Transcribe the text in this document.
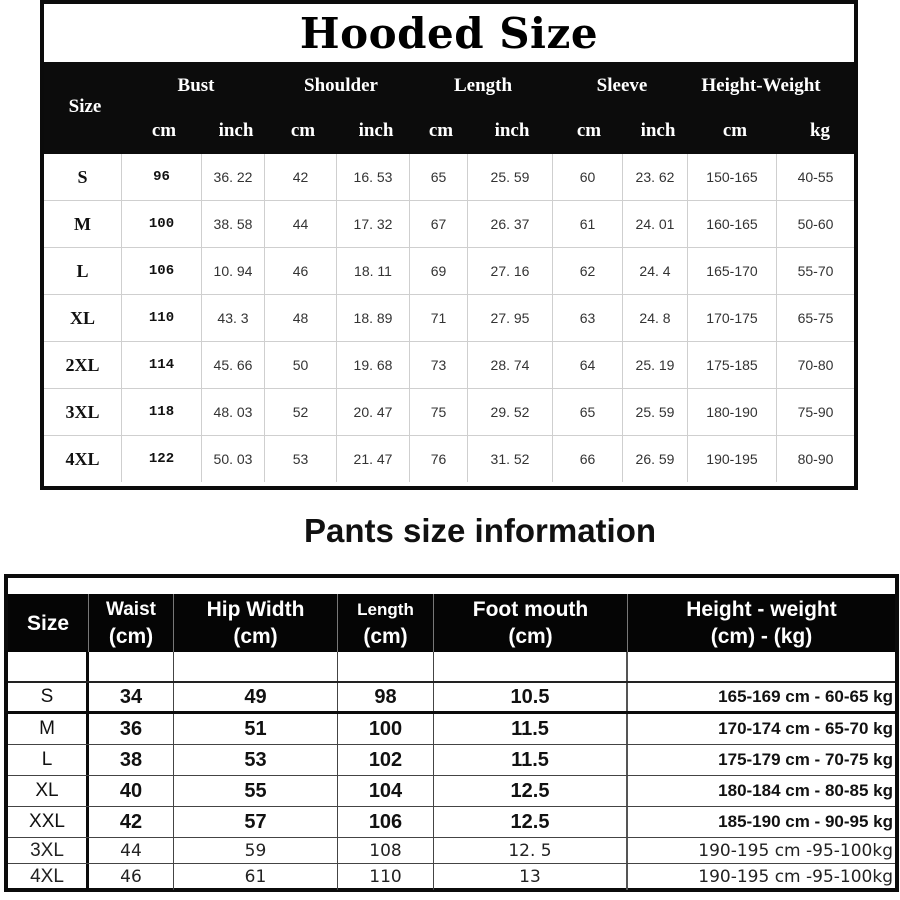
Hooded Size
Size
Bust	Shoulder	Length	Sleeve	Height-Weight
cm inch cm inch cm inch cm inch cm	kg
S	96	36. 22	42	16. 53	65	25. 59	60	23. 62	150-165	40-55
M	100	38. 58	44	17. 32	67	26. 37	61	24. 01	160-165	50-60
L	106	10. 94	46	18. 11	69	27. 16	62	24. 4	165-170	55-70
XL	110	43. 3	48	18. 89	71	27. 95	63	24. 8	170-175	65-75
2XL	114	45. 66	50	19. 68	73	28. 74	64	25. 19	175-185	70-80
3XL	118	48. 03	52	20. 47	75	29. 52	65	25. 59	180-190	75-90
4XL	122	50. 03	53	21. 47	76	31. 52	66	26. 59	190-195	80-90
Pants size information
Size
Waist
(cm)
Hip Width
(cm)
Length
(cm)
Foot mouth
(cm)
Height - weight
(cm) - (kg)
S	34	49	98	10.5	165-169 cm - 60-65 kg
M	36	51	100	11.5	170-174 cm - 65-70 kg
L	38	53	102	11.5	175-179 cm - 70-75 kg
XL	40	55	104	12.5	180-184 cm - 80-85 kg
XXL	42	57	106	12.5	185-190 cm - 90-95 kg
3XL	44	59	108	12. 5	190-195 cm -95-100kg
4XL	46	61	110	13	190-195 cm -95-100kg
